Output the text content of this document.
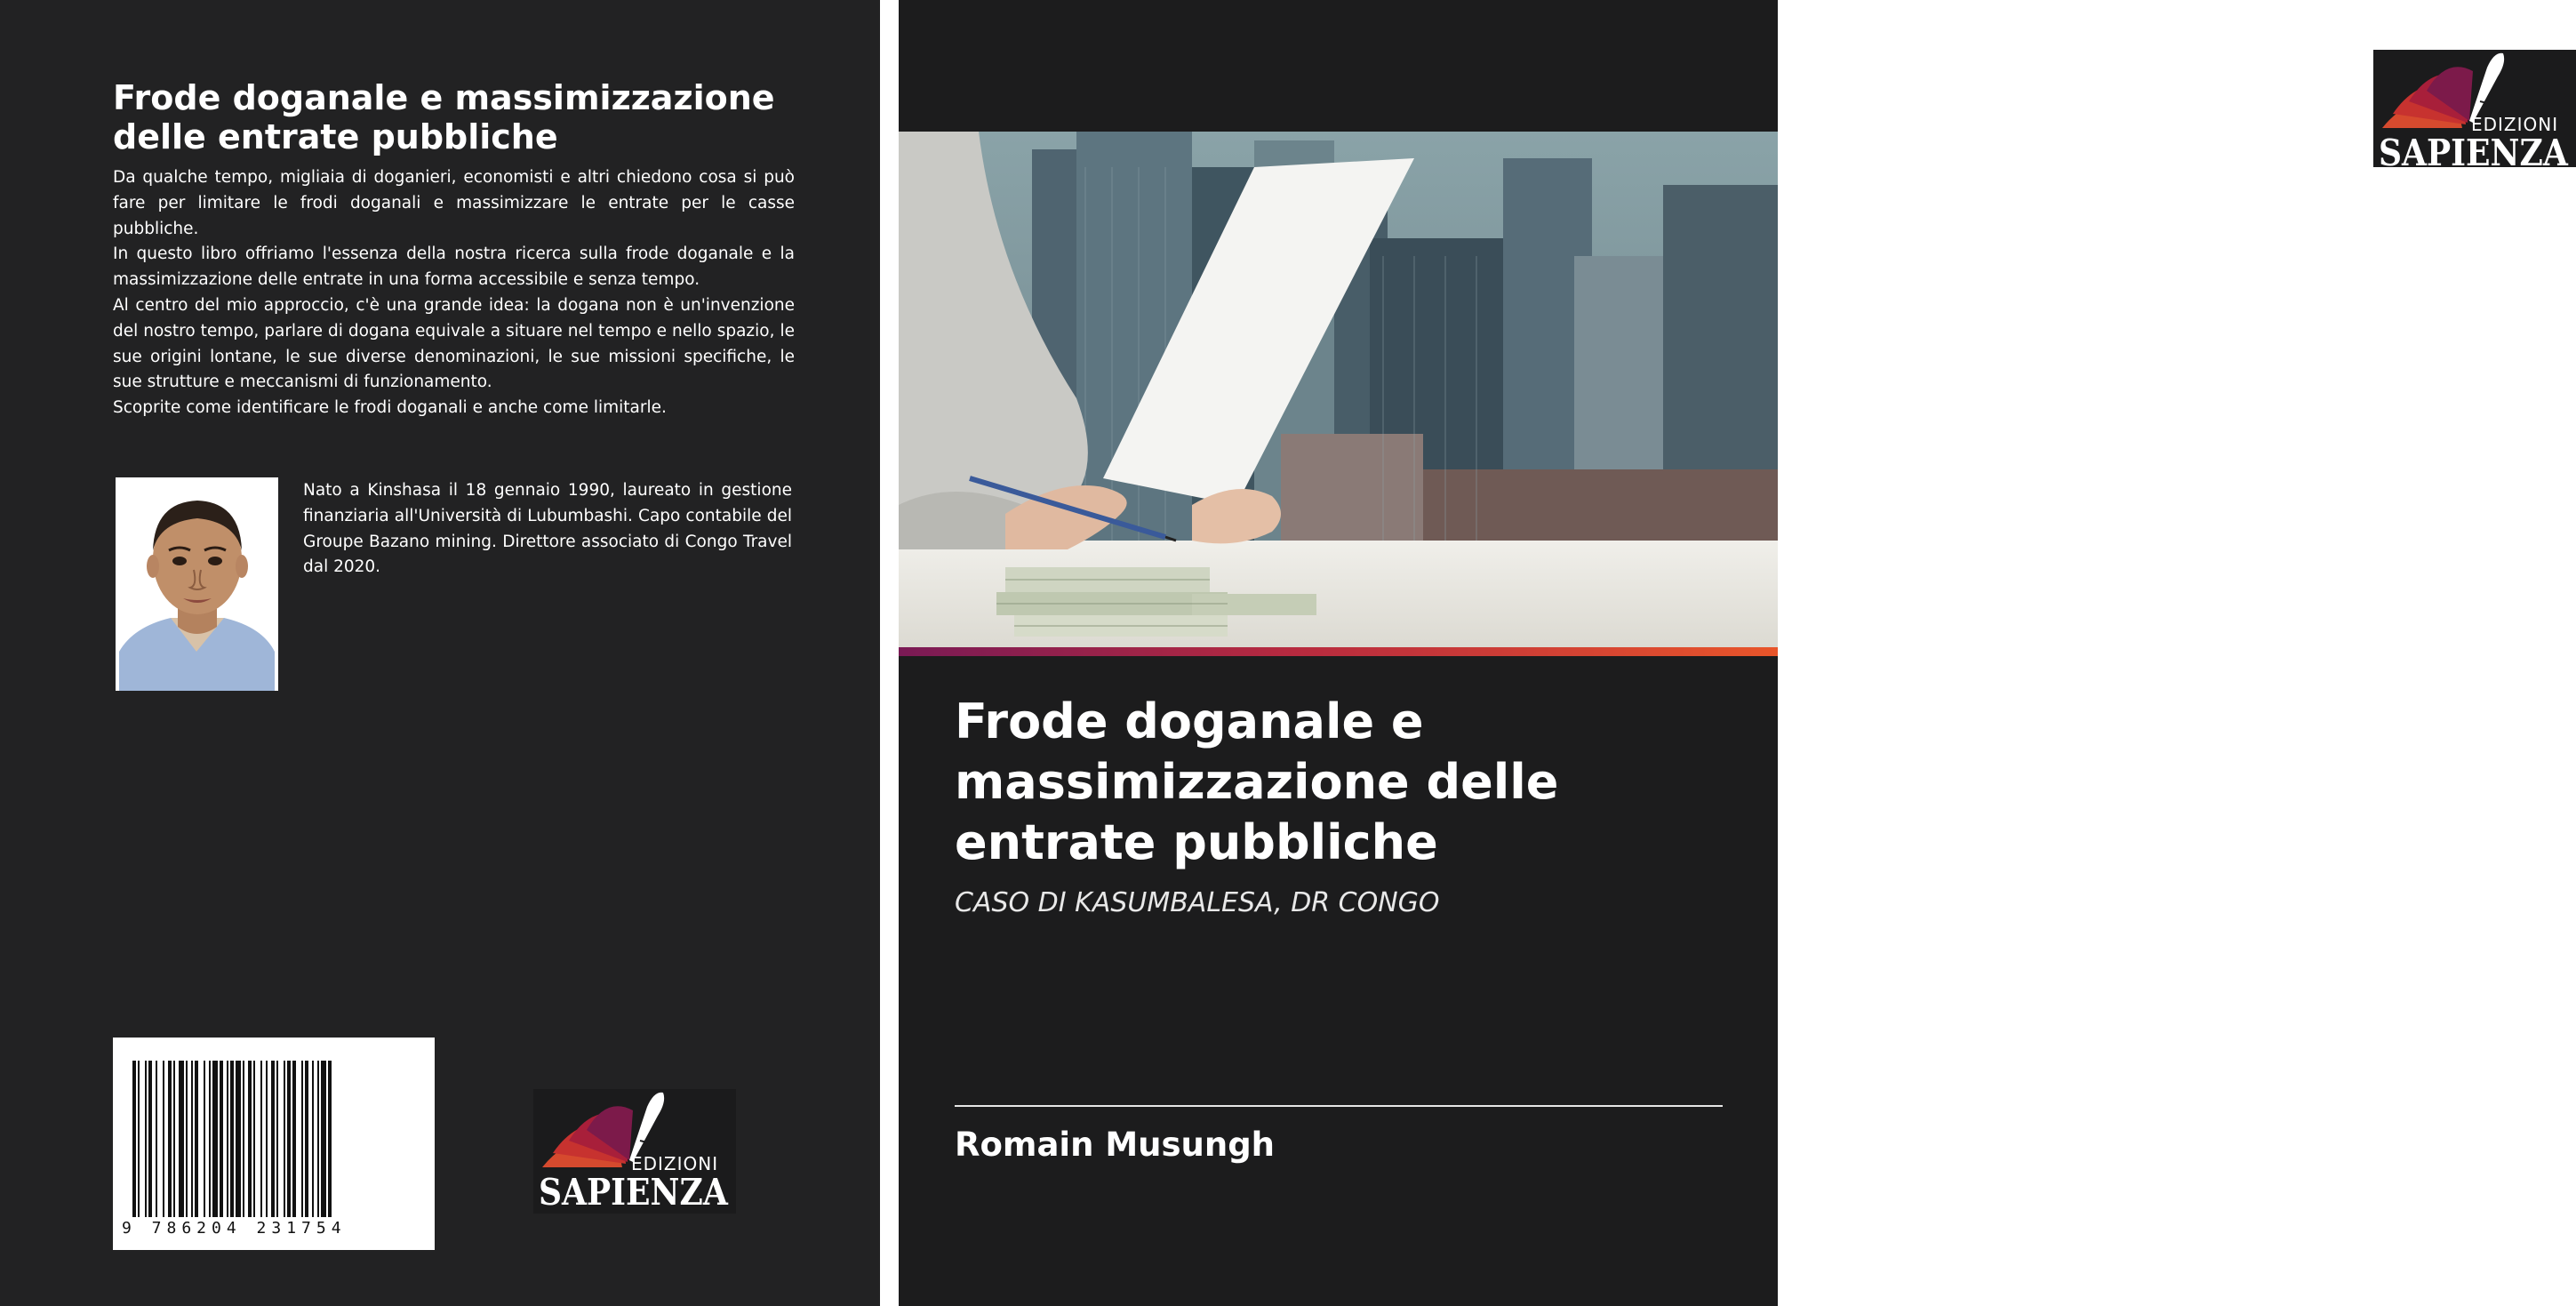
Frode doganale e massimizzazione delle entrate pubbliche

Da qualche tempo, migliaia di doganieri, economisti e altri chiedono cosa si può fare per limitare le frodi doganali e massimizzare le entrate per le casse pubbliche.

In questo libro offriamo l'essenza della nostra ricerca sulla frode doganale e la massimizzazione delle entrate in una forma accessibile e senza tempo.

Al centro del mio approccio, c'è una grande idea: la dogana non è un'invenzione del nostro tempo, parlare di dogana equivale a situare nel tempo e nello spazio, le sue origini lontane, le sue diverse denominazioni, le sue missioni specifiche, le sue strutture e meccanismi di funzionamento.

Scoprite come identificare le frodi doganali e anche come limitarle.

Nato a Kinshasa il 18 gennaio 1990, laureato in gestione finanziaria all'Università di Lubumbashi. Capo contabile del Groupe Bazano mining. Direttore associato di Congo Travel dal 2020.

9 786204 231754
EDIZIONI
SAPIENZA
EDIZIONI
SAPIENZA
Frode doganale e massimizzazione delle entrate pubbliche

CASO DI KASUMBALESA, DR CONGO

Romain Musungh
